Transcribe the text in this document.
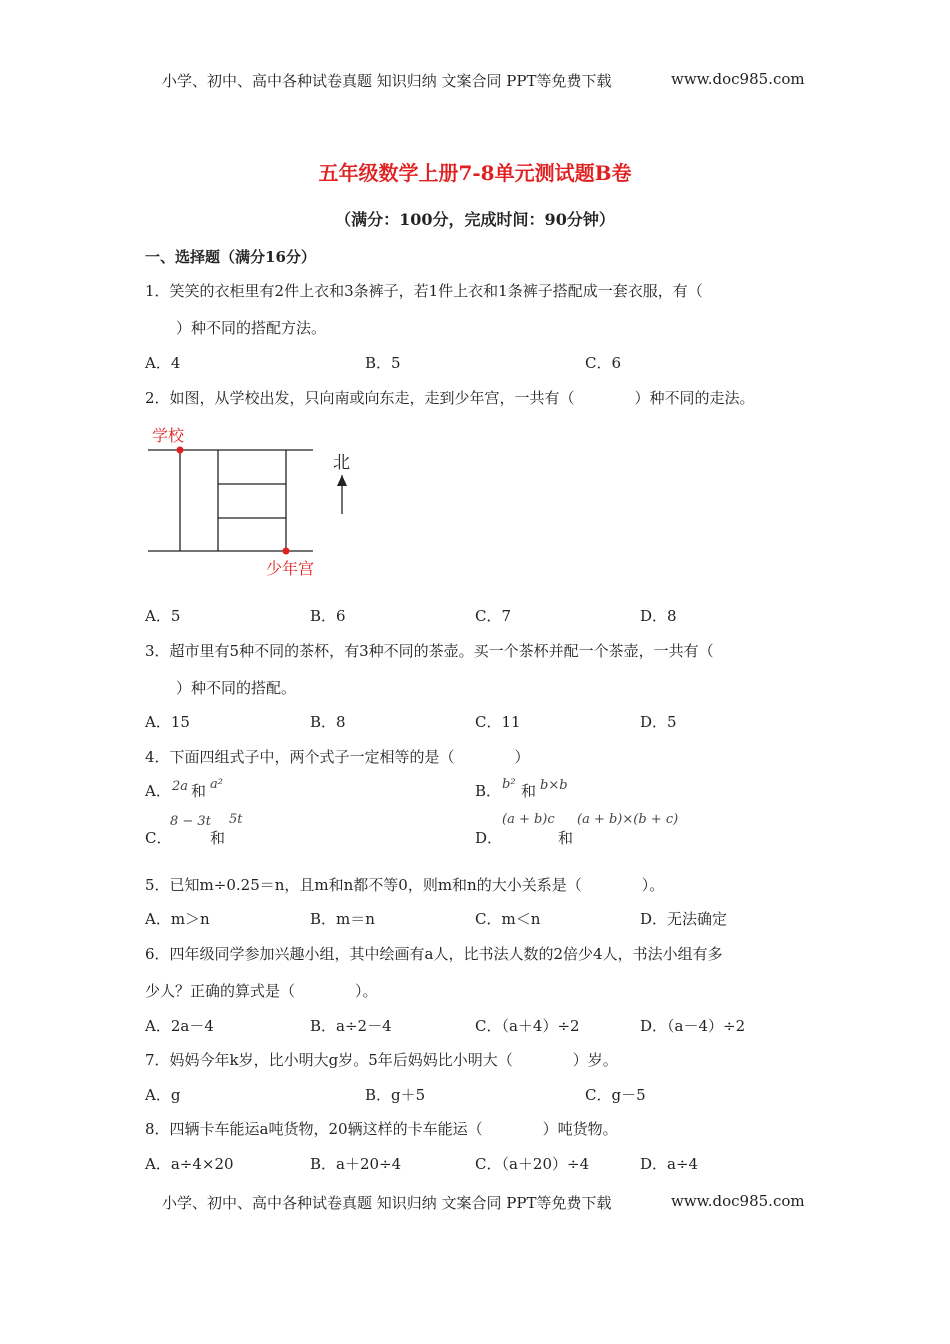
小学、初中、高中各种试卷真题 知识归纳 文案合同 PPT等免费下载	www.doc985.com
五年级数学上册7-8单元测试题B卷
（满分：100分，完成时间：90分钟）
一、选择题（满分16分）
1．笑笑的衣柜里有2件上衣和3条裤子，若1件上衣和1条裤子搭配成一套衣服，有（
）种不同的搭配方法。
A．4	B．5	C．6
2．如图，从学校出发，只向南或向东走，走到少年宫，一共有（　　　　）种不同的走法。
学校
少年宫
北
A．5	B．6	C．7	D．8
3．超市里有5种不同的茶杯，有3种不同的茶壶。买一个茶杯并配一个茶壶，一共有（
）种不同的搭配。
A．15	B．8	C．11	D．5
4．下面四组式子中，两个式子一定相等的是（　　　　）
A． 2a 和 a²	B． b² 和 b×b
C．
8 − 3t
和
5t
D．
(a + b)c
和
(a + b)×(b + c)
5．已知m÷0.25＝n，且m和n都不等0，则m和n的大小关系是（　　　　）。
A．m＞n	B．m＝n	C．m＜n	D．无法确定
6．四年级同学参加兴趣小组，其中绘画有a人，比书法人数的2倍少4人，书法小组有多
少人？正确的算式是（　　　　）。
A．2a－4	B．a÷2－4	C．（a＋4）÷2	D．（a－4）÷2
7．妈妈今年k岁，比小明大g岁。5年后妈妈比小明大（　　　　）岁。
A．g	B．g＋5	C．g－5
8．四辆卡车能运a吨货物，20辆这样的卡车能运（　　　　）吨货物。
A．a÷4×20	B．a＋20÷4	C．（a＋20）÷4	D．a÷4
小学、初中、高中各种试卷真题 知识归纳 文案合同 PPT等免费下载	www.doc985.com
